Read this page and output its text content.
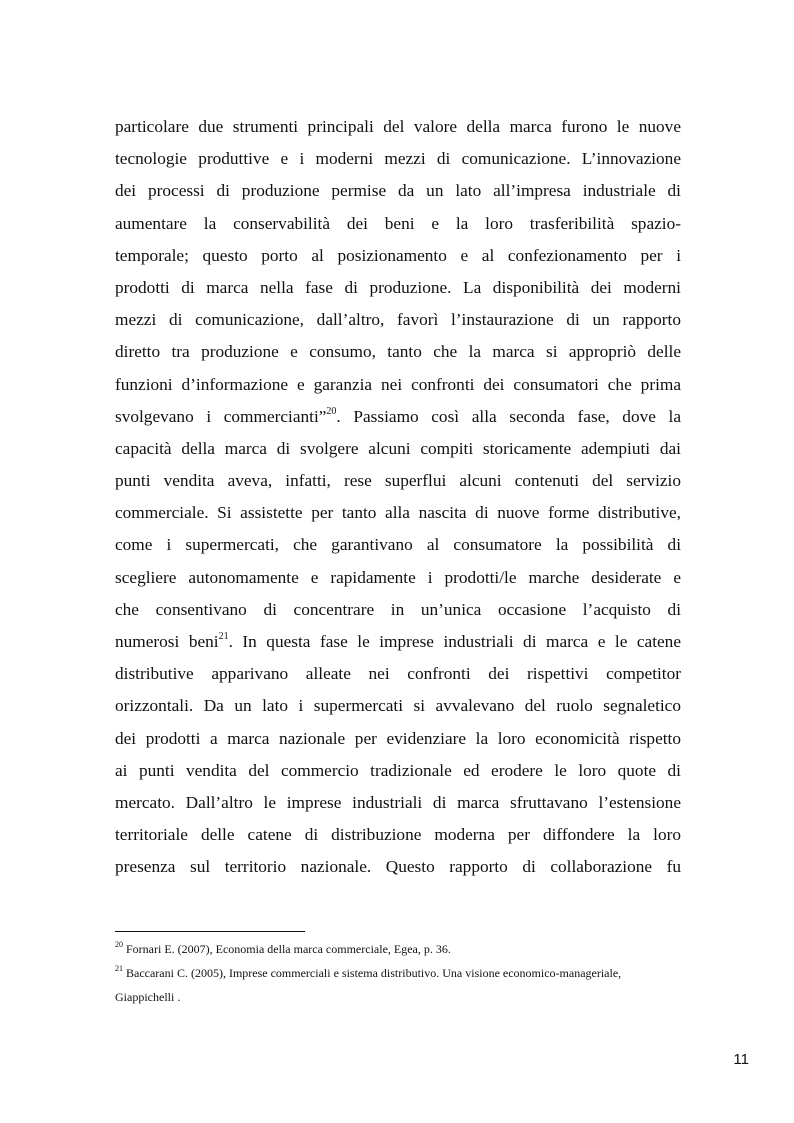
particolare due strumenti principali del valore della marca furono le nuove
tecnologie produttive e i moderni mezzi di comunicazione. L’innovazione
dei processi di produzione permise da un lato all’impresa industriale di
aumentare la conservabilità dei beni e la loro trasferibilità spazio-
temporale; questo porto al posizionamento e al confezionamento per i
prodotti di marca nella fase di produzione. La disponibilità dei moderni
mezzi di comunicazione, dall’altro, favorì l’instaurazione di un rapporto
diretto tra produzione e consumo, tanto che la marca si appropriò delle
funzioni d’informazione e garanzia nei confronti dei consumatori che prima
svolgevano i commercianti”$^{20}$. Passiamo così alla seconda fase, dove la
capacità della marca di svolgere alcuni compiti storicamente adempiuti dai
punti vendita aveva, infatti, rese superflui alcuni contenuti del servizio
commerciale. Si assistette per tanto alla nascita di nuove forme distributive,
come i supermercati, che garantivano al consumatore la possibilità di
scegliere autonomamente e rapidamente i prodotti/le marche desiderate e
che consentivano di concentrare in un’unica occasione l’acquisto di
numerosi beni$^{21}$. In questa fase le imprese industriali di marca e le catene
distributive apparivano alleate nei confronti dei rispettivi competitor
orizzontali. Da un lato i supermercati si avvalevano del ruolo segnaletico
dei prodotti a marca nazionale per evidenziare la loro economicità rispetto
ai punti vendita del commercio tradizionale ed erodere le loro quote di
mercato. Dall’altro le imprese industriali di marca sfruttavano l’estensione
territoriale delle catene di distribuzione moderna per diffondere la loro
presenza sul territorio nazionale. Questo rapporto di collaborazione fu
$^{20}$ Fornari E. (2007), Economia della marca commerciale, Egea, p. 36.
$^{21}$ Baccarani C. (2005), Imprese commerciali e sistema distributivo. Una visione economico-manageriale,
Giappichelli .
11
